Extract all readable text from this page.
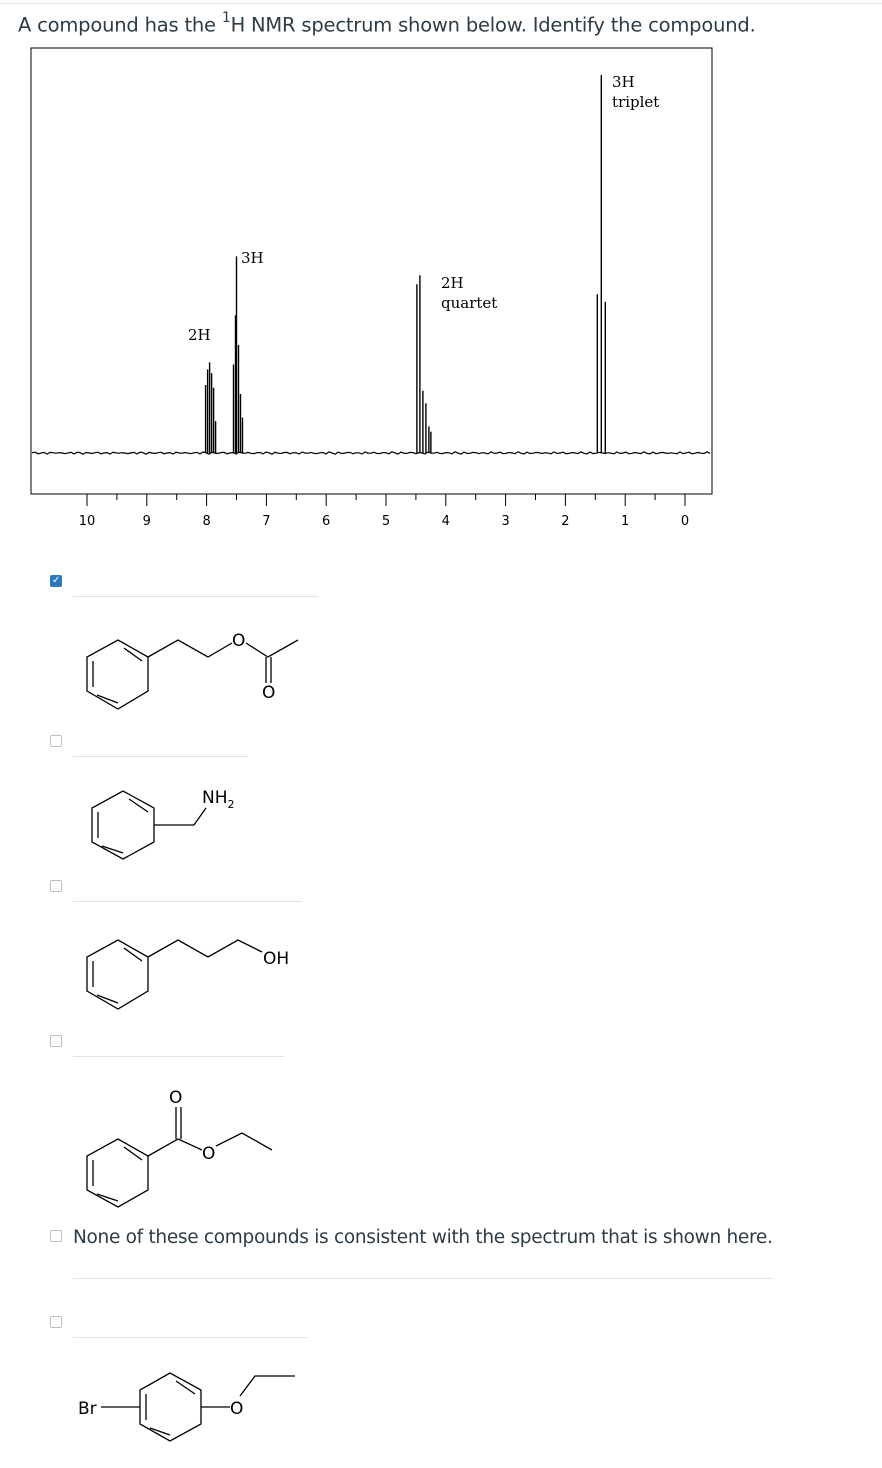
A compound has the $^1$H NMR spectrum shown below. Identify the compound.
10	9	8	7	6	5	4	3	2	1	0
2H
3H
2H
quartet
3H
triplet
✓
O
O
$NH_2$
OH
O
O
None of these compounds is consistent with the spectrum that is shown here.
Br	O
